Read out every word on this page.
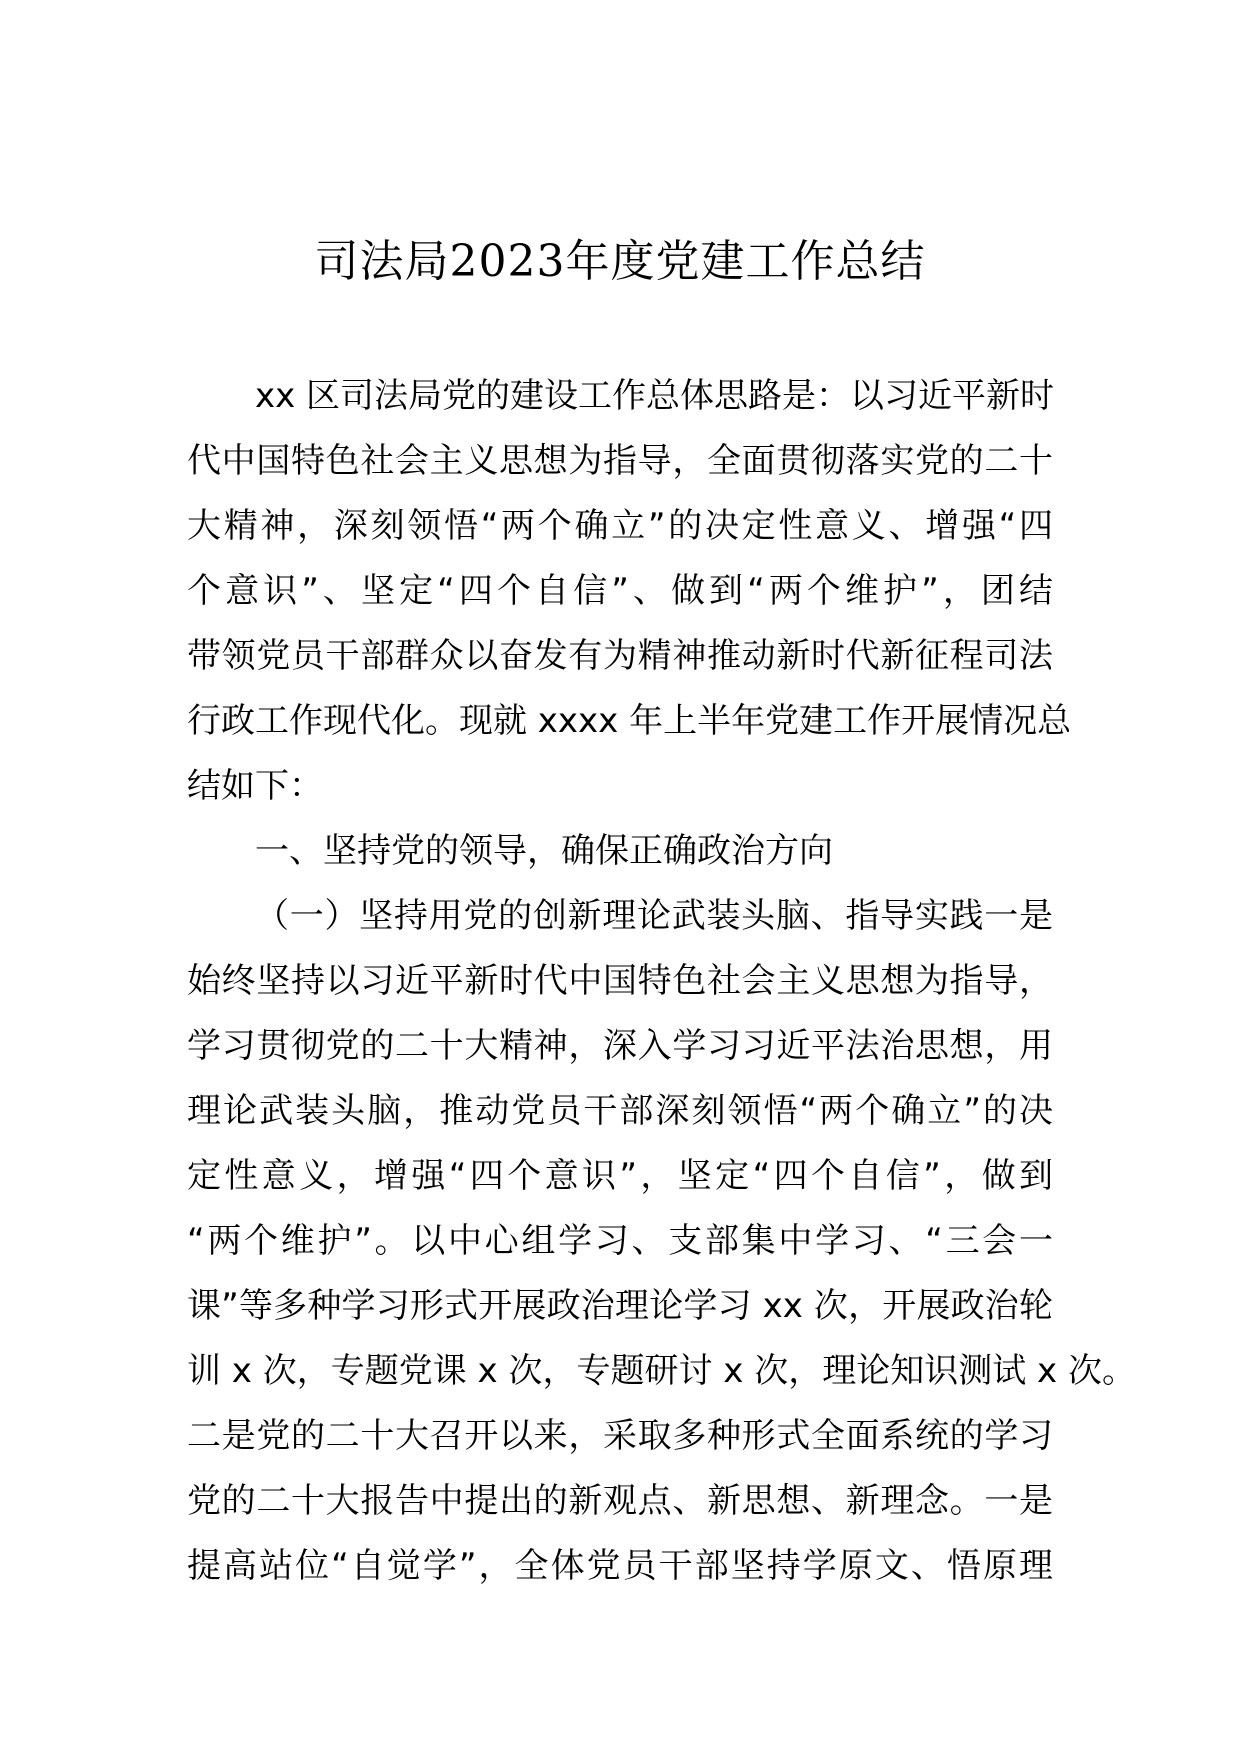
司法局2023年度党建工作总结
xx 区司法局党的建设工作总体思路是：以习近平新时
代中国特色社会主义思想为指导，全面贯彻落实党的二十
大精神，深刻领悟“两个确立”的决定性意义、增强“四
个意识”、坚定“四个自信”、做到“两个维护”，团结
带领党员干部群众以奋发有为精神推动新时代新征程司法
行政工作现代化。现就 xxxx 年上半年党建工作开展情况总
结如下：
一、坚持党的领导，确保正确政治方向
（一）坚持用党的创新理论武装头脑、指导实践一是
始终坚持以习近平新时代中国特色社会主义思想为指导，
学习贯彻党的二十大精神，深入学习习近平法治思想，用
理论武装头脑，推动党员干部深刻领悟“两个确立”的决
定性意义，增强“四个意识”，坚定“四个自信”，做到
“两个维护”。以中心组学习、支部集中学习、“三会一
课”等多种学习形式开展政治理论学习 xx 次，开展政治轮
训 x 次，专题党课 x 次，专题研讨 x 次，理论知识测试 x 次。
二是党的二十大召开以来，采取多种形式全面系统的学习
党的二十大报告中提出的新观点、新思想、新理念。一是
提高站位“自觉学”，全体党员干部坚持学原文、悟原理
